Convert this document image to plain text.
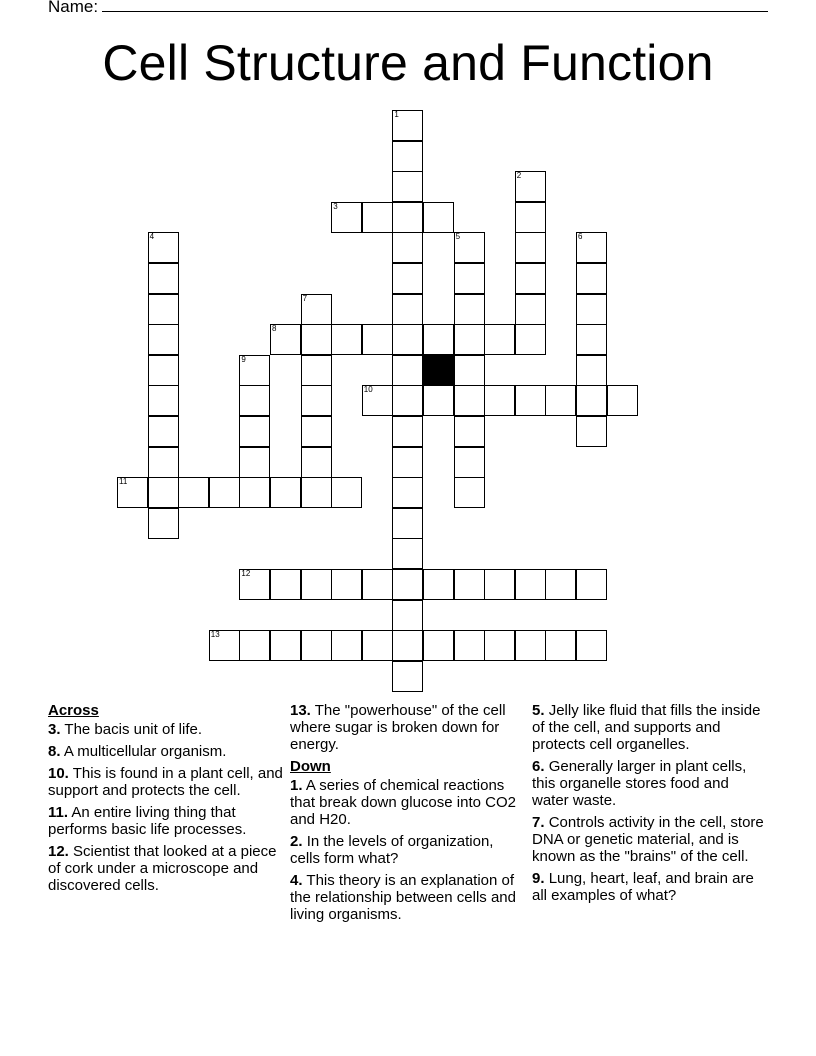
Name:
Cell Structure and Function
1
2
3
4	5	6
7
8
9
10
11
12
13
Across
3. The bacis unit of life.
8. A multicellular organism.
10. This is found in a plant cell, and support and protects the cell.
11. An entire living thing that performs basic life processes.
12. Scientist that looked at a piece of cork under a microscope and discovered cells.
13. The "powerhouse" of the cell where sugar is broken down for energy.
Down
1. A series of chemical reactions that break down glucose into CO2 and H20.
2. In the levels of organization, cells form what?
4. This theory is an explanation of the relationship between cells and living organisms.
5. Jelly like fluid that fills the inside of the cell, and supports and protects cell organelles.
6. Generally larger in plant cells, this organelle stores food and water waste.
7. Controls activity in the cell, store DNA or genetic material, and is known as the "brains" of the cell.
9. Lung, heart, leaf, and brain are all examples of what?
